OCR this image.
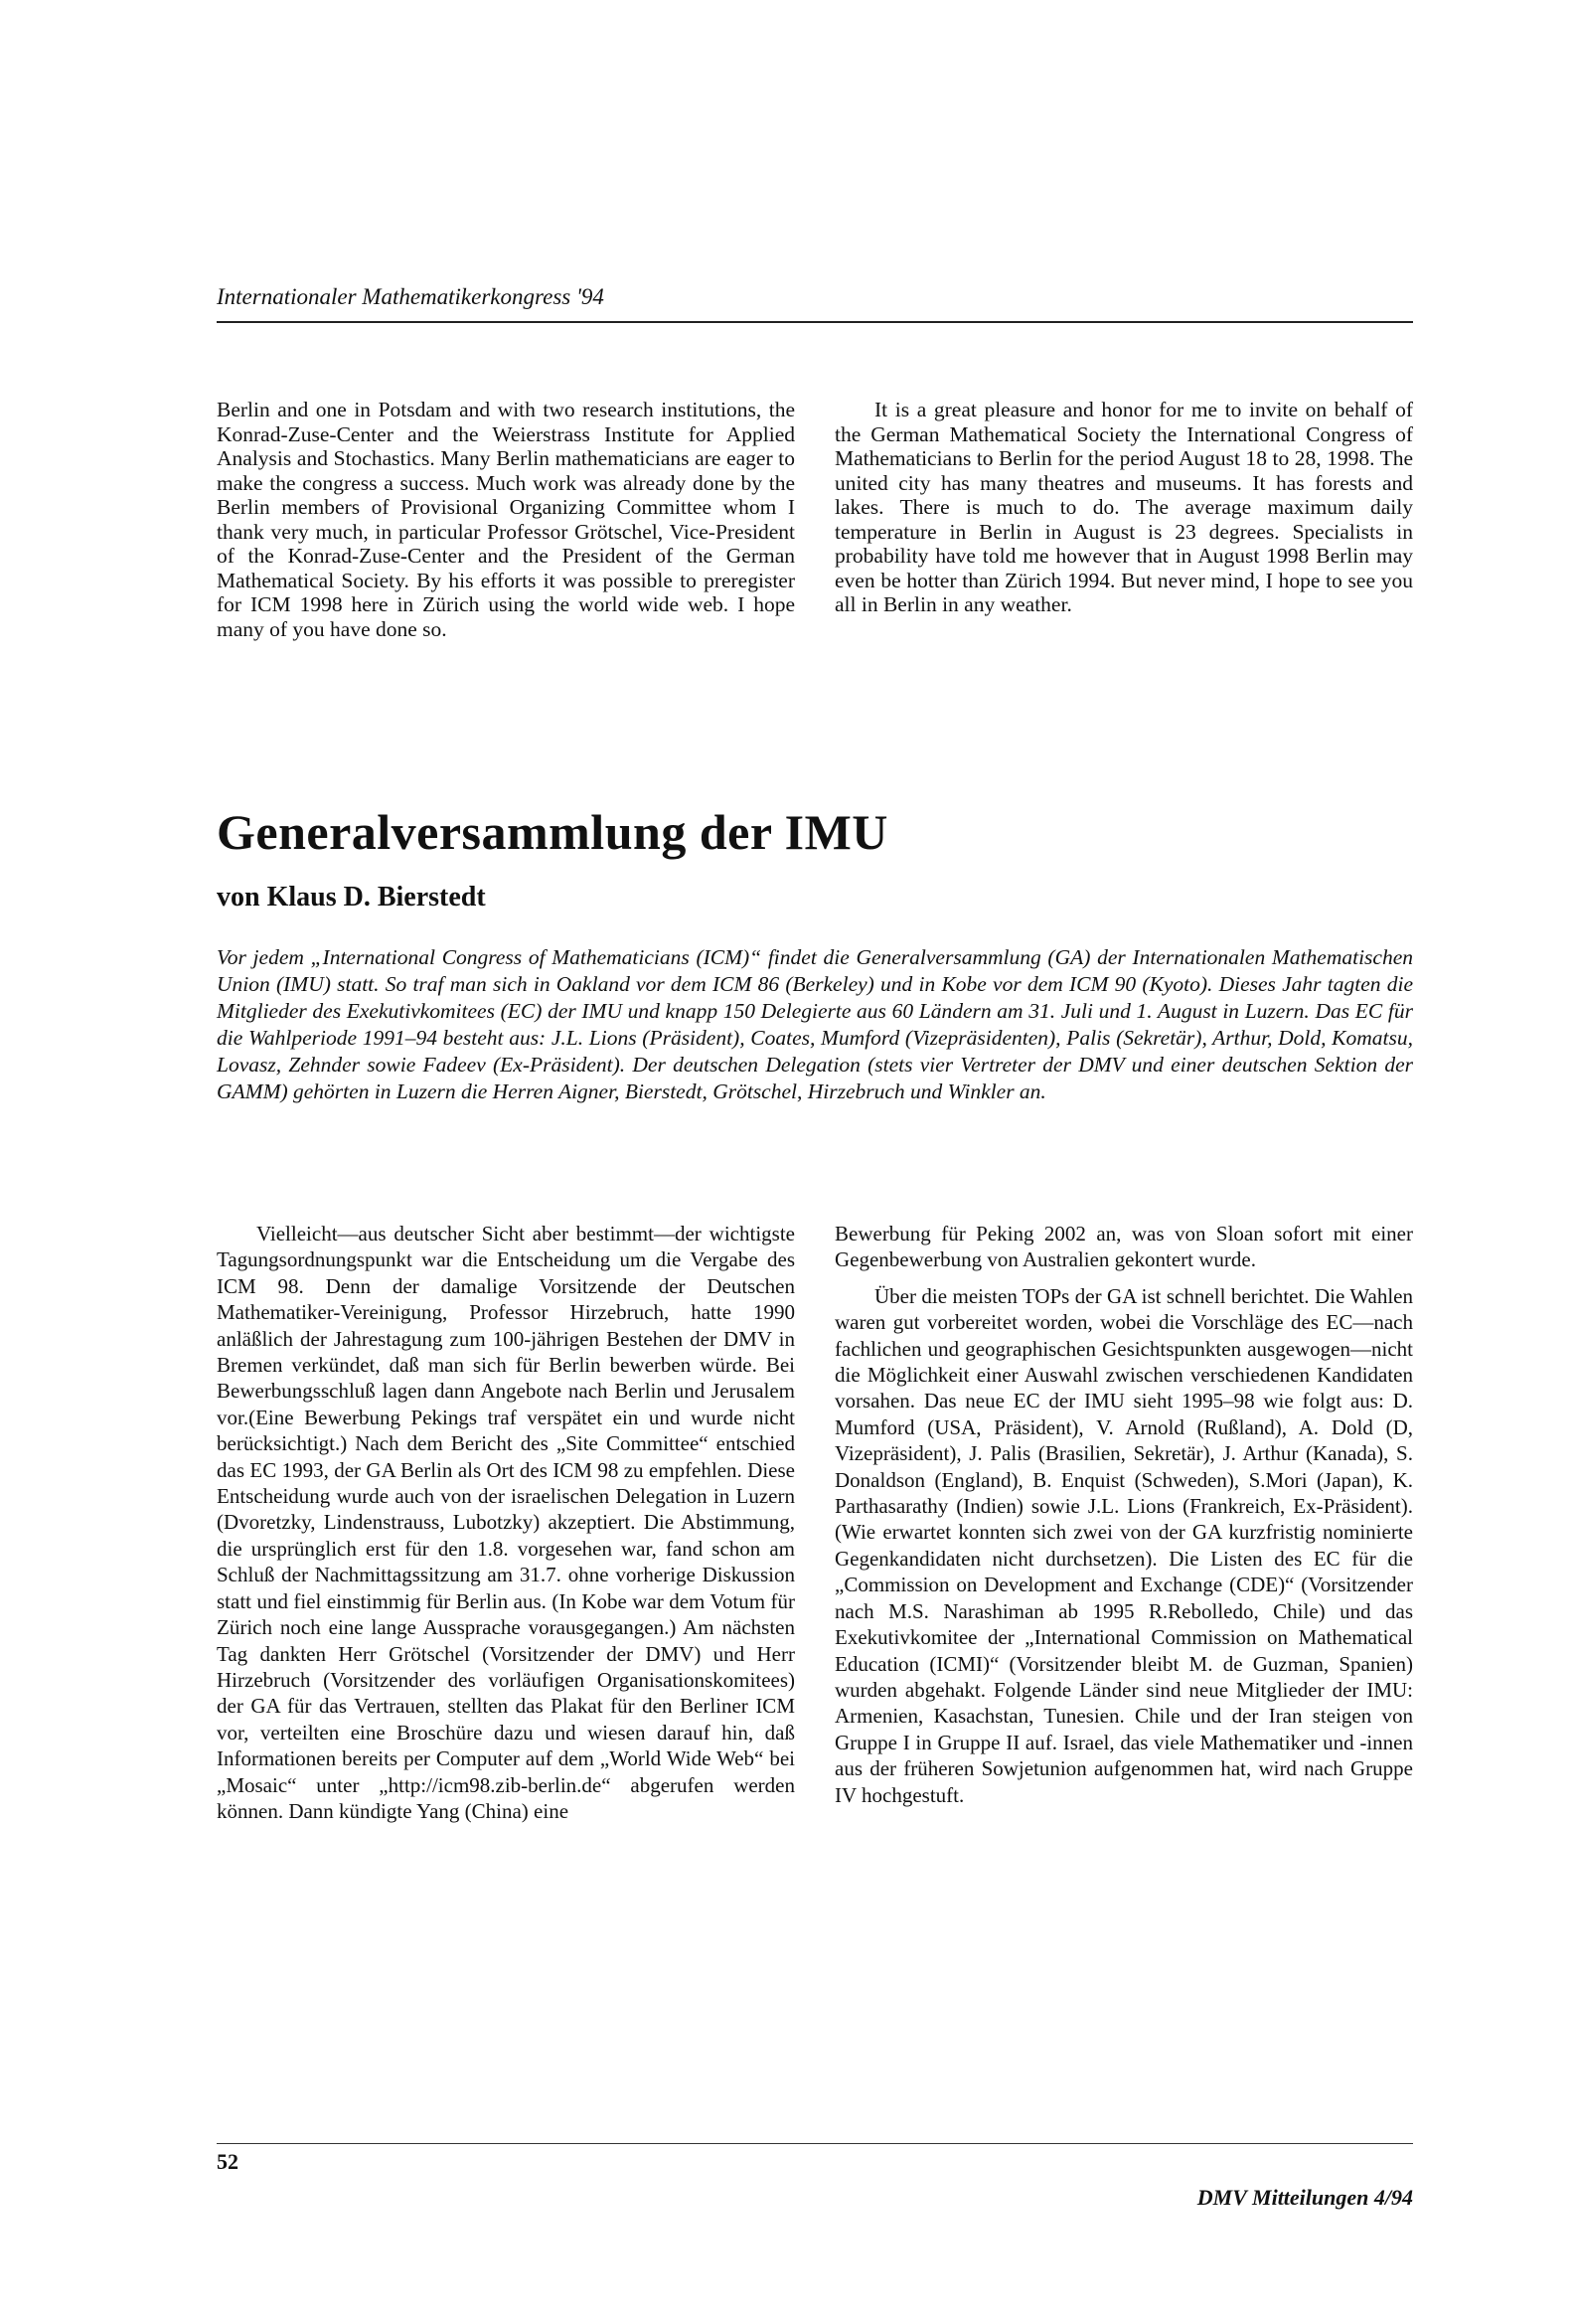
Internationaler Mathematikerkongress '94

Berlin and one in Potsdam and with two research institutions, the Konrad-Zuse-Center and the Weierstrass Institute for Applied Analysis and Stochastics. Many Berlin mathematicians are eager to make the congress a success. Much work was already done by the Berlin members of Provisional Organizing Committee whom I thank very much, in particular Professor Grötschel, Vice-President of the Konrad-Zuse-Center and the President of the German Mathematical Society. By his efforts it was possible to preregister for ICM 1998 here in Zürich using the world wide web. I hope many of you have done so.

It is a great pleasure and honor for me to invite on behalf of the German Mathematical Society the International Congress of Mathematicians to Berlin for the period August 18 to 28, 1998. The united city has many theatres and museums. It has forests and lakes. There is much to do. The average maximum daily temperature in Berlin in August is 23 degrees. Specialists in probability have told me however that in August 1998 Berlin may even be hotter than Zürich 1994. But never mind, I hope to see you all in Berlin in any weather.

Generalversammlung der IMU
von Klaus D. Bierstedt
Vor jedem „International Congress of Mathematicians (ICM)“ findet die Generalversammlung (GA) der Internationalen Mathematischen Union (IMU) statt. So traf man sich in Oakland vor dem ICM 86 (Berkeley) und in Kobe vor dem ICM 90 (Kyoto). Dieses Jahr tagten die Mitglieder des Exekutivkomitees (EC) der IMU und knapp 150 Delegierte aus 60 Ländern am 31. Juli und 1. August in Luzern. Das EC für die Wahlperiode 1991–94 besteht aus: J.L. Lions (Präsident), Coates, Mumford (Vizepräsidenten), Palis (Sekretär), Arthur, Dold, Komatsu, Lovasz, Zehnder sowie Fadeev (Ex-Präsident). Der deutschen Delegation (stets vier Vertreter der DMV und einer deutschen Sektion der GAMM) gehörten in Luzern die Herren Aigner, Bierstedt, Grötschel, Hirzebruch und Winkler an.

Vielleicht—aus deutscher Sicht aber bestimmt—der wichtigste Tagungsordnungspunkt war die Entscheidung um die Vergabe des ICM 98. Denn der damalige Vorsitzende der Deutschen Mathematiker-Vereinigung, Professor Hirzebruch, hatte 1990 anläßlich der Jahrestagung zum 100-jährigen Bestehen der DMV in Bremen verkündet, daß man sich für Berlin bewerben würde. Bei Bewerbungsschluß lagen dann Angebote nach Berlin und Jerusalem vor.(Eine Bewerbung Pekings traf verspätet ein und wurde nicht berücksichtigt.) Nach dem Bericht des „Site Committee“ entschied das EC 1993, der GA Berlin als Ort des ICM 98 zu empfehlen. Diese Entscheidung wurde auch von der israelischen Delegation in Luzern (Dvoretzky, Lindenstrauss, Lubotzky) akzeptiert. Die Abstimmung, die ursprünglich erst für den 1.8. vorgesehen war, fand schon am Schluß der Nachmittagssitzung am 31.7. ohne vorherige Diskussion statt und fiel einstimmig für Berlin aus. (In Kobe war dem Votum für Zürich noch eine lange Aussprache vorausgegangen.) Am nächsten Tag dankten Herr Grötschel (Vorsitzender der DMV) und Herr Hirzebruch (Vorsitzender des vorläufigen Organisationskomitees) der GA für das Vertrauen, stellten das Plakat für den Berliner ICM vor, verteilten eine Broschüre dazu und wiesen darauf hin, daß Informationen bereits per Computer auf dem „World Wide Web“ bei „Mosaic“ unter „http://icm98.zib-berlin.de“ abgerufen werden können. Dann kündigte Yang (China) eine

Bewerbung für Peking 2002 an, was von Sloan sofort mit einer Gegenbewerbung von Australien gekontert wurde.

Über die meisten TOPs der GA ist schnell berichtet. Die Wahlen waren gut vorbereitet worden, wobei die Vorschläge des EC—nach fachlichen und geographischen Gesichtspunkten ausgewogen—nicht die Möglichkeit einer Auswahl zwischen verschiedenen Kandidaten vorsahen. Das neue EC der IMU sieht 1995–98 wie folgt aus: D. Mumford (USA, Präsident), V. Arnold (Rußland), A. Dold (D, Vizepräsident), J. Palis (Brasilien, Sekretär), J. Arthur (Kanada), S. Donaldson (England), B. Enquist (Schweden), S.Mori (Japan), K. Parthasarathy (Indien) sowie J.L. Lions (Frankreich, Ex-Präsident). (Wie erwartet konnten sich zwei von der GA kurzfristig nominierte Gegenkandidaten nicht durchsetzen). Die Listen des EC für die „Commission on Development and Exchange (CDE)“ (Vorsitzender nach M.S. Narashiman ab 1995 R.Rebolledo, Chile) und das Exekutivkomitee der „International Commission on Mathematical Education (ICMI)“ (Vorsitzender bleibt M. de Guzman, Spanien) wurden abgehakt. Folgende Länder sind neue Mitglieder der IMU: Armenien, Kasachstan, Tunesien. Chile und der Iran steigen von Gruppe I in Gruppe II auf. Israel, das viele Mathematiker und -innen aus der früheren Sowjetunion aufgenommen hat, wird nach Gruppe IV hochgestuft.

52
DMV Mitteilungen 4/94
